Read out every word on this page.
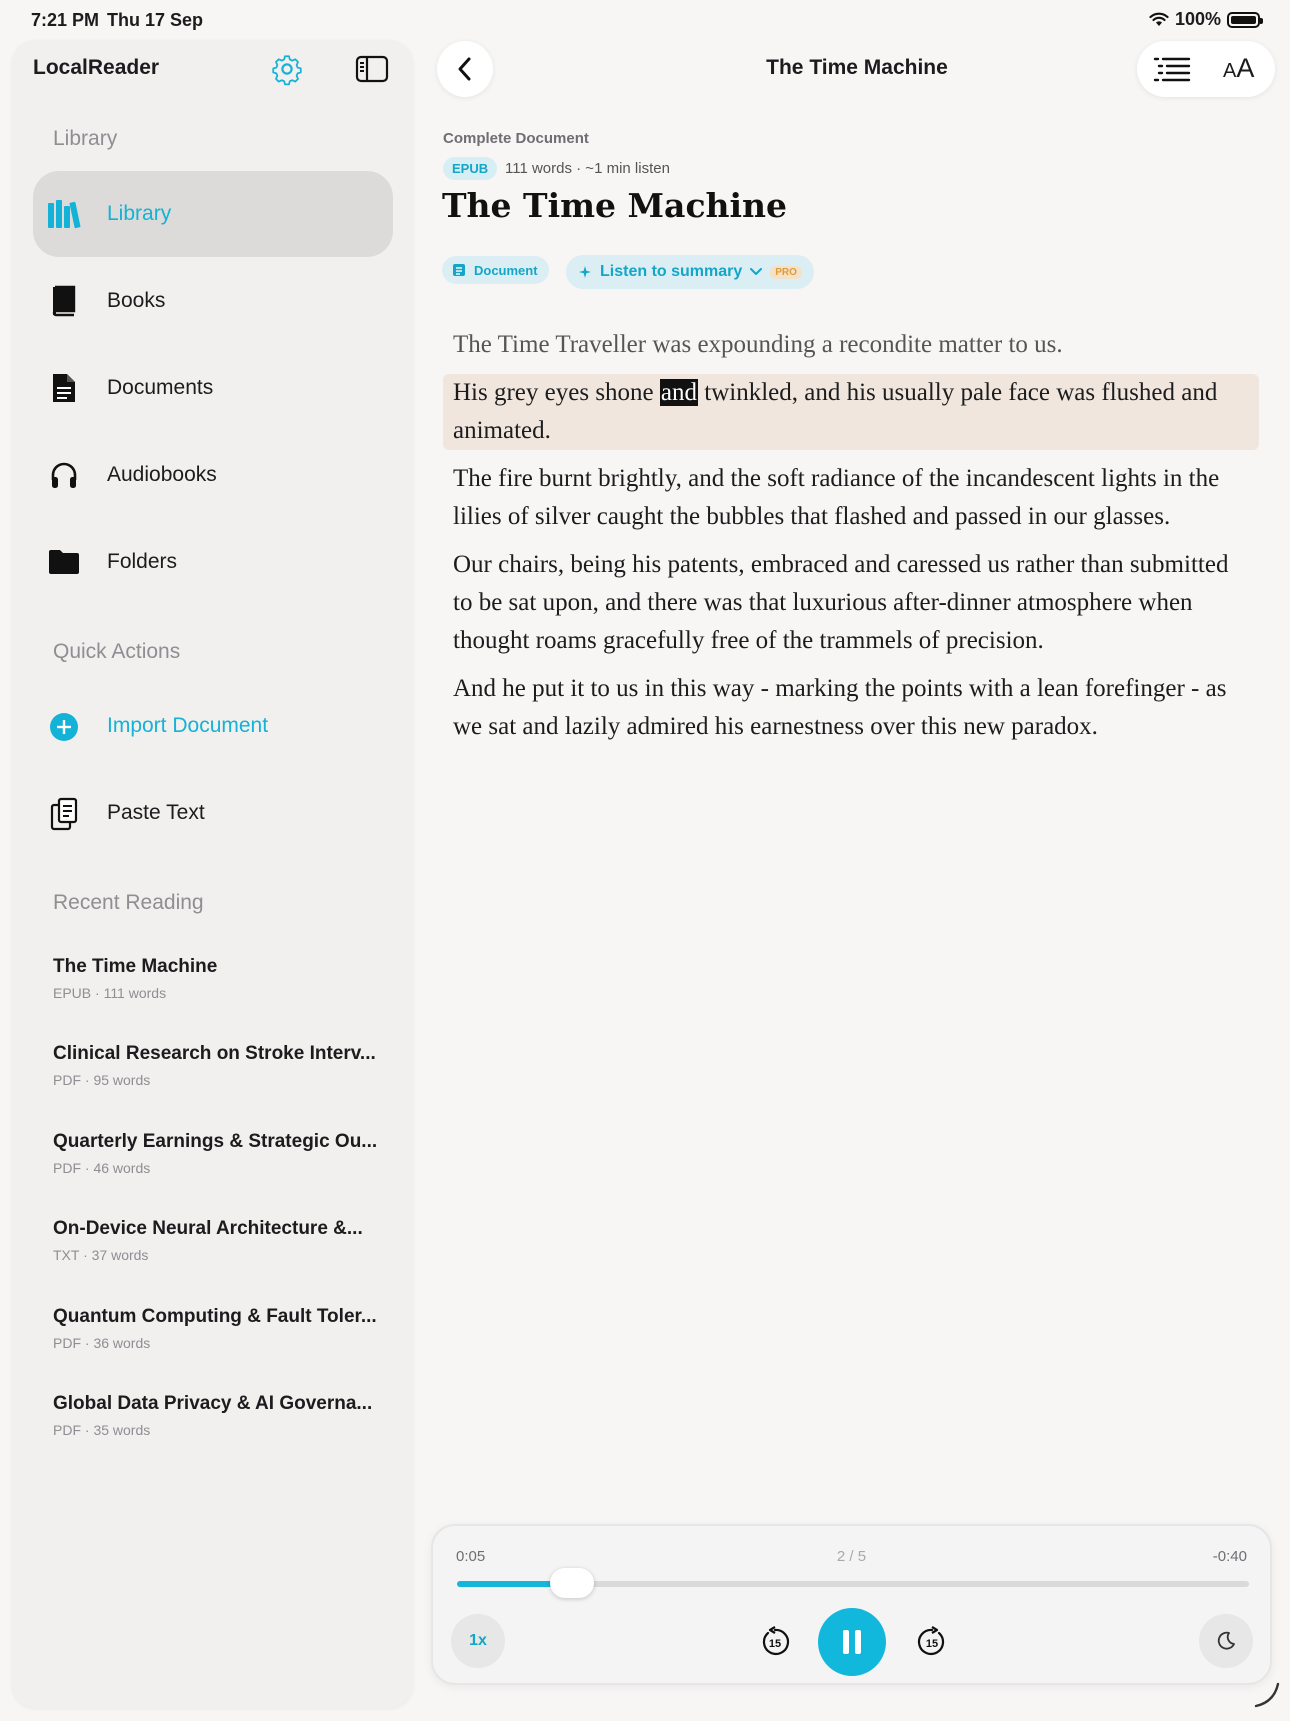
7:21 PM Thu 17 Sep	100%
LocalReader
Library
Library
Books
Documents
Audiobooks
Folders
Quick Actions
Import Document
Paste Text
Recent Reading
The Time Machine
EPUB · 111 words
Clinical Research on Stroke Interv...
PDF · 95 words
Quarterly Earnings & Strategic Ou...
PDF · 46 words
On-Device Neural Architecture &...
TXT · 37 words
Quantum Computing & Fault Toler...
PDF · 36 words
Global Data Privacy & AI Governa...
PDF · 35 words
The Time Machine	AA
Complete Document
EPUB	111 words · ~1 min listen
The Time Machine
Document	Listen to summary	PRO

The Time Traveller was expounding a recondite matter to us.

His grey eyes shone and twinkled, and his usually pale face was flushed and animated.

The fire burnt brightly, and the soft radiance of the incandescent lights in the lilies of silver caught the bubbles that flashed and passed in our glasses.

Our chairs, being his patents, embraced and caressed us rather than submitted to be sat upon, and there was that luxurious after-dinner atmosphere when thought roams gracefully free of the trammels of precision.

And he put it to us in this way - marking the points with a lean forefinger - as we sat and lazily admired his earnestness over this new paradox.

0:05	2 / 5	-0:40
1x	15	15
